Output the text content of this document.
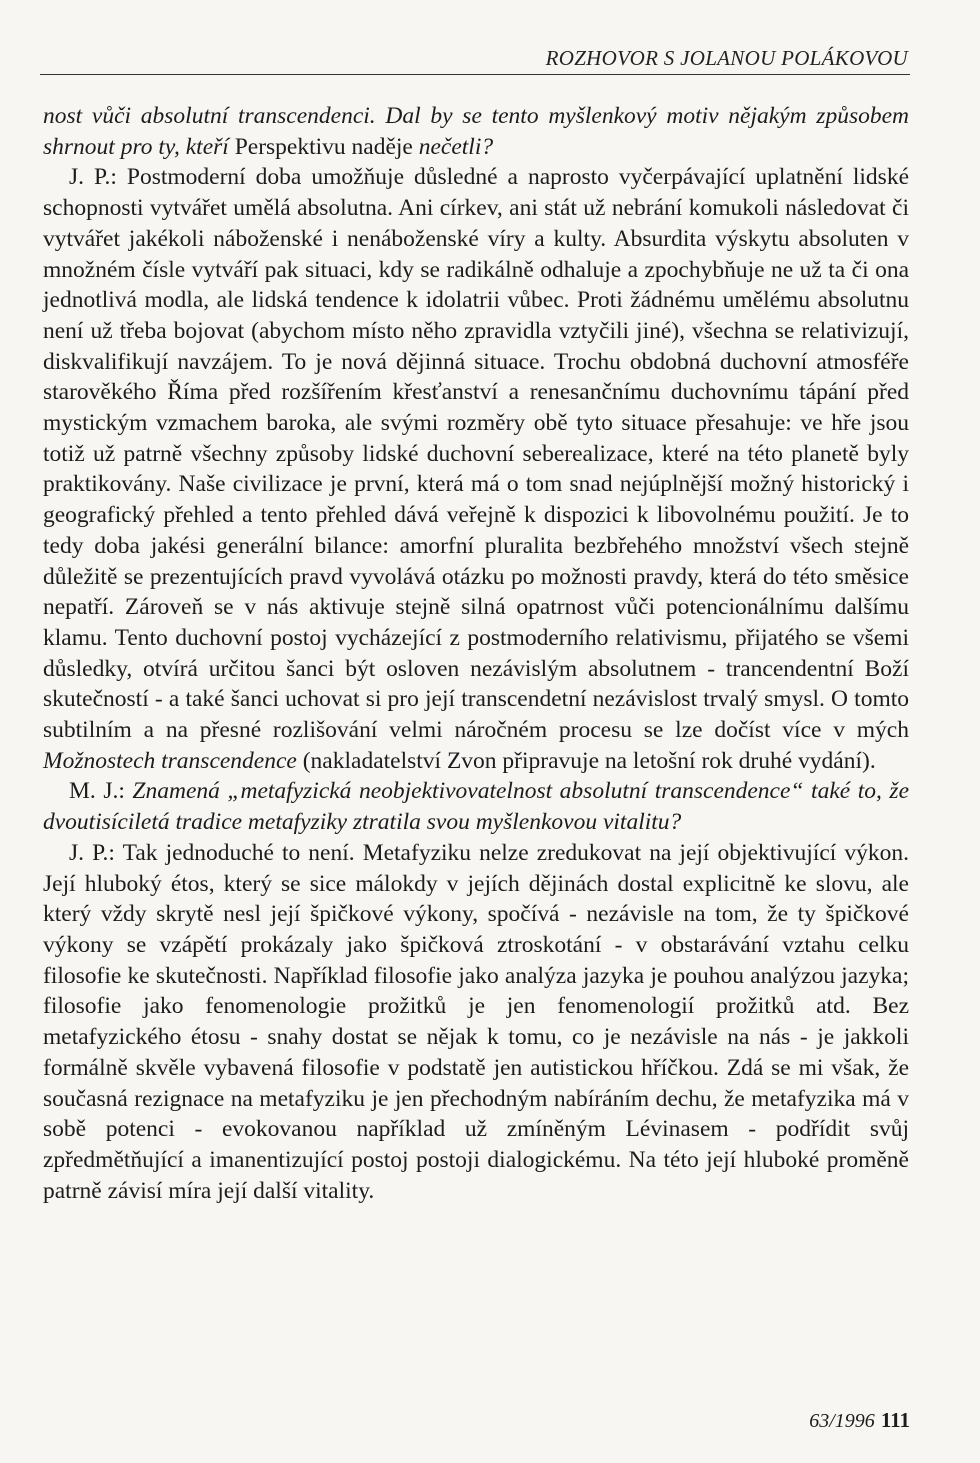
ROZHOVOR S JOLANOU POLÁKOVOU

nost vůči absolutní transcendenci. Dal by se tento myšlenkový motiv nějakým způsobem shrnout pro ty, kteří Perspektivu naděje nečetli?

J. P.: Postmoderní doba umožňuje důsledné a naprosto vyčerpávající uplatnění lidské schopnosti vytvářet umělá absolutna. Ani církev, ani stát už nebrání komukoli následovat či vytvářet jakékoli náboženské i nenáboženské víry a kulty. Absurdita výskytu absoluten v množném čísle vytváří pak situaci, kdy se radikálně odhaluje a zpochybňuje ne už ta či ona jednotlivá modla, ale lidská tendence k idolatrii vůbec. Proti žádnému umělému absolutnu není už třeba bojovat (abychom místo něho zpravidla vztyčili jiné), všechna se relativizují, diskvalifikují navzájem. To je nová dějinná situace. Trochu obdobná duchovní atmosféře starověkého Říma před rozšířením křesťanství a renesančnímu duchovnímu tápání před mystickým vzmachem baroka, ale svými rozměry obě tyto situace přesahuje: ve hře jsou totiž už patrně všechny způsoby lidské duchovní seberealizace, které na této planetě byly praktikovány. Naše civilizace je první, která má o tom snad nejúplnější možný historický i geografický přehled a tento přehled dává veřejně k dispozici k libovolnému použití. Je to tedy doba jakési generální bilance: amorfní pluralita bezbřehého množství všech stejně důležitě se prezentujících pravd vyvolává otázku po možnosti pravdy, která do této směsice nepatří. Zároveň se v nás aktivuje stejně silná opatrnost vůči potencionálnímu dalšímu klamu. Tento duchovní postoj vycházející z postmoderního relativismu, přijatého se všemi důsledky, otvírá určitou šanci být osloven nezávislým absolutnem - trancendentní Boží skutečností - a také šanci uchovat si pro její transcendetní nezávislost trvalý smysl. O tomto subtilním a na přesné rozlišování velmi náročném procesu se lze dočíst více v mých Možnostech transcendence (nakladatelství Zvon připravuje na letošní rok druhé vydání).

M. J.: Znamená „metafyzická neobjektivovatelnost absolutní transcendence“ také to, že dvoutisíciletá tradice metafyziky ztratila svou myšlenkovou vitalitu?

J. P.: Tak jednoduché to není. Metafyziku nelze zredukovat na její objektivující výkon. Její hluboký étos, který se sice málokdy v jejích dějinách dostal explicitně ke slovu, ale který vždy skrytě nesl její špičkové výkony, spočívá - nezávisle na tom, že ty špičkové výkony se vzápětí prokázaly jako špičková ztroskotání - v obstarávání vztahu celku filosofie ke skutečnosti. Například filosofie jako analýza jazyka je pouhou analýzou jazyka; filosofie jako fenomenologie prožitků je jen fenomenologií prožitků atd. Bez metafyzického étosu - snahy dostat se nějak k tomu, co je nezávisle na nás - je jakkoli formálně skvěle vybavená filosofie v podstatě jen autistickou hříčkou. Zdá se mi však, že současná rezignace na metafyziku je jen přechodným nabíráním dechu, že metafyzika má v sobě potenci - evokovanou například už zmíněným Lévinasem - podřídit svůj zpředmětňující a imanentizující postoj postoji dialogickému. Na této její hluboké proměně patrně závisí míra její další vitality.

63/1996 111
